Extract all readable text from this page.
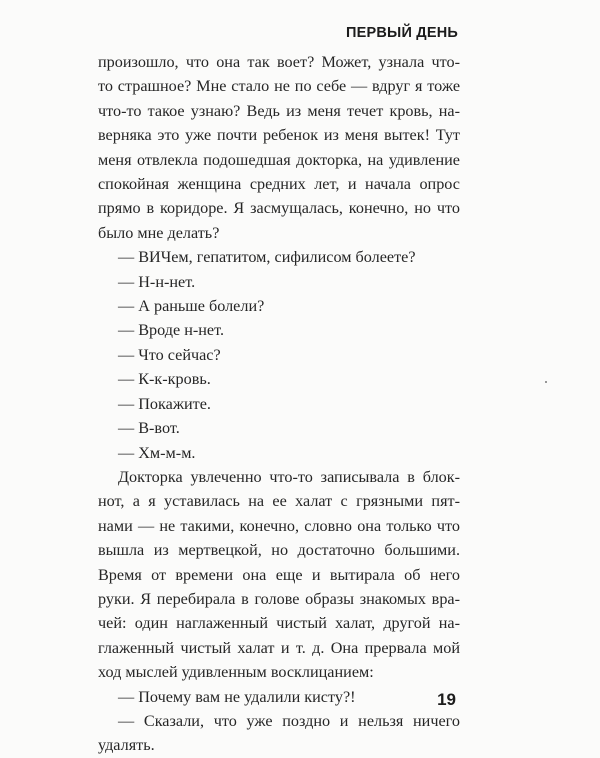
ПЕРВЫЙ ДЕНЬ
произошло, что она так воет? Может, узнала что-
то страшное? Мне стало не по себе — вдруг я тоже
что-то такое узнаю? Ведь из меня течет кровь, на-
верняка это уже почти ребенок из меня вытек! Тут
меня отвлекла подошедшая докторка, на удивление
спокойная женщина средних лет, и начала опрос
прямо в коридоре. Я засмущалась, конечно, но что
было мне делать?
— ВИЧем, гепатитом, сифилисом болеете?
— Н-н-нет.
— А раньше болели?
— Вроде н-нет.
— Что сейчас?
— К-к-кровь.
— Покажите.
— В-вот.
— Хм-м-м.
Докторка увлеченно что-то записывала в блок-
нот, а я уставилась на ее халат с грязными пят-
нами — не такими, конечно, словно она только что
вышла из мертвецкой, но достаточно большими.
Время от времени она еще и вытирала об него
руки. Я перебирала в голове образы знакомых вра-
чей: один наглаженный чистый халат, другой на-
глаженный чистый халат и т. д. Она прервала мой
ход мыслей удивленным восклицанием:
— Почему вам не удалили кисту?!
— Сказали, что уже поздно и нельзя ничего
удалять.
19
